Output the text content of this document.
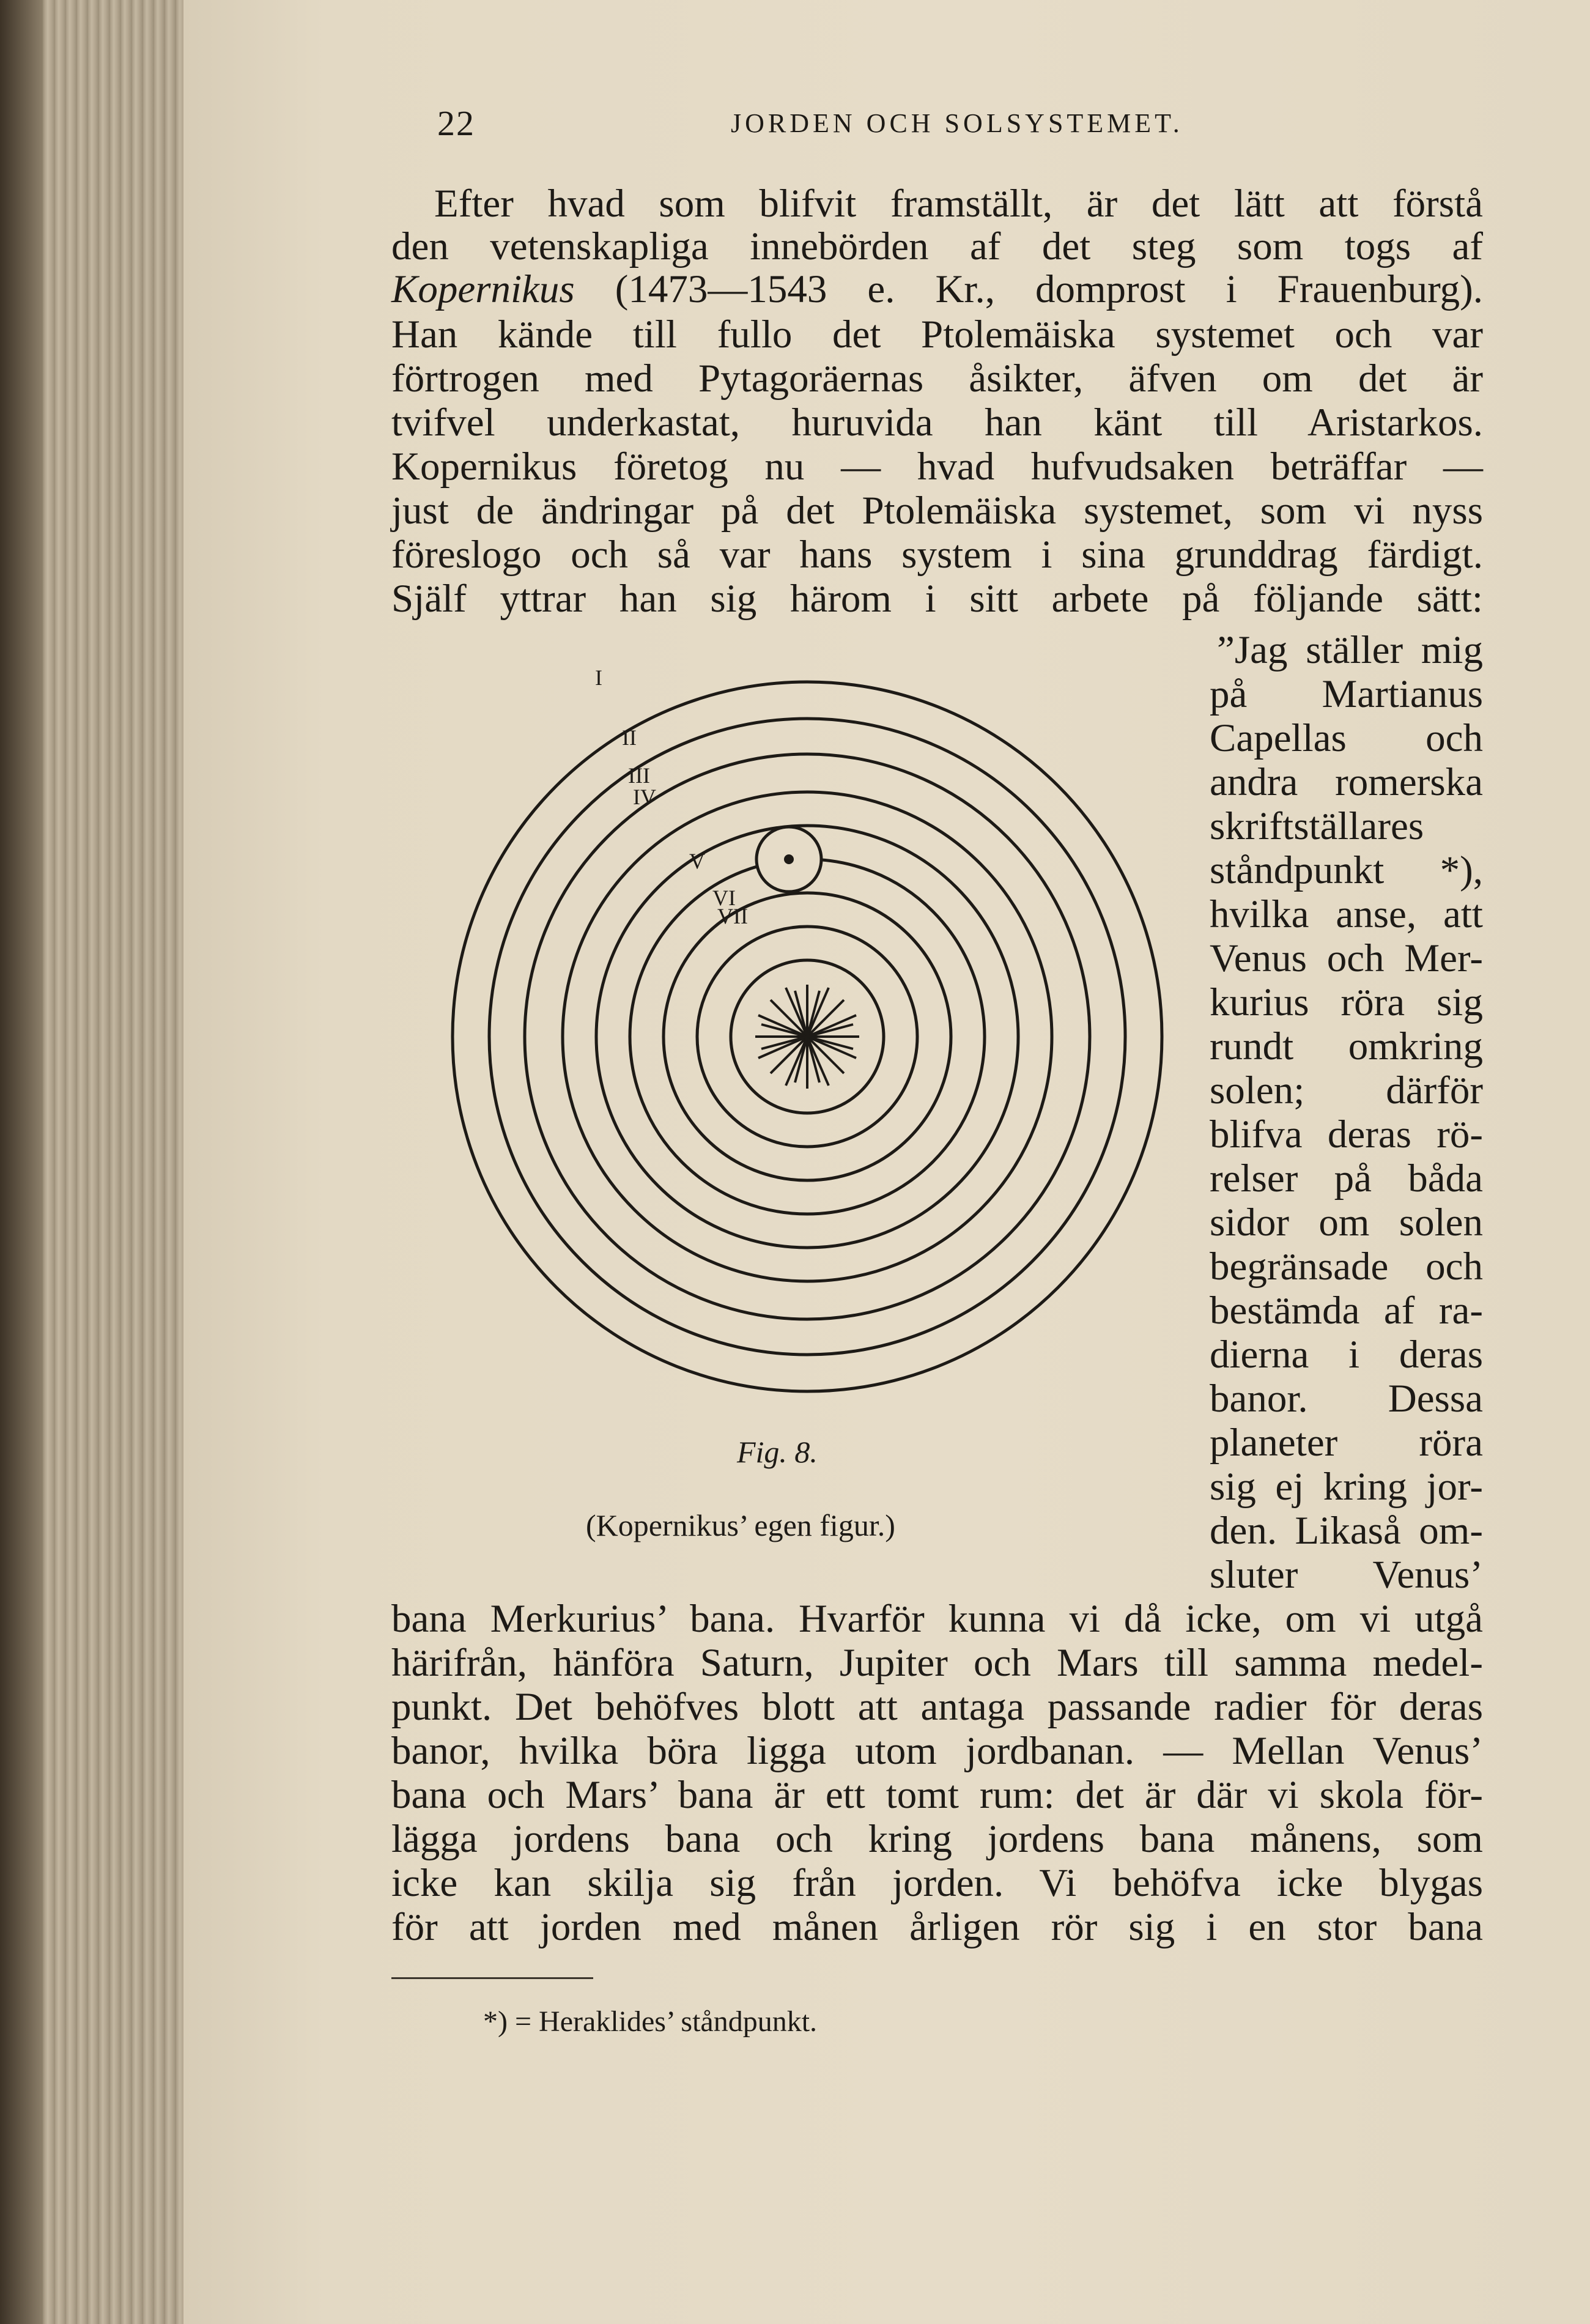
22	JORDEN OCH SOLSYSTEMET.
Efter hvad som blifvit framställt, är det lätt att förstå
den vetenskapliga innebörden af det steg som togs af
Kopernikus (1473—1543 e. Kr., domprost i Frauenburg).
Han kände till fullo det Ptolemäiska systemet och var
förtrogen med Pytagoräernas åsikter, äfven om det är
tvifvel underkastat, huruvida han känt till Aristarkos.
Kopernikus företog nu — hvad hufvudsaken beträffar —
just de ändringar på det Ptolemäiska systemet, som vi nyss
föreslogo och så var hans system i sina grunddrag färdigt.
Själf yttrar han sig härom i sitt arbete på följande sätt:
”Jag ställer mig
på Martianus
Capellas och
andra romerska
skriftställares
ståndpunkt *),
hvilka anse, att
Venus och Mer-
kurius röra sig
rundt omkring
solen; därför
blifva deras rö-
relser på båda
sidor om solen
begränsade och
bestämda af ra-
dierna i deras
banor. Dessa
planeter röra
sig ej kring jor-
den. Likaså om-
sluter Venus’
I
II
III
IV
V
VI
VII
Fig. 8.
(Kopernikus’ egen figur.)
bana Merkurius’ bana. Hvarför kunna vi då icke, om vi utgå
härifrån, hänföra Saturn, Jupiter och Mars till samma medel-
punkt. Det behöfves blott att antaga passande radier för deras
banor, hvilka böra ligga utom jordbanan. — Mellan Venus’
bana och Mars’ bana är ett tomt rum: det är där vi skola för-
lägga jordens bana och kring jordens bana månens, som
icke kan skilja sig från jorden. Vi behöfva icke blygas
för att jorden med månen årligen rör sig i en stor bana
*) = Heraklides’ ståndpunkt.
